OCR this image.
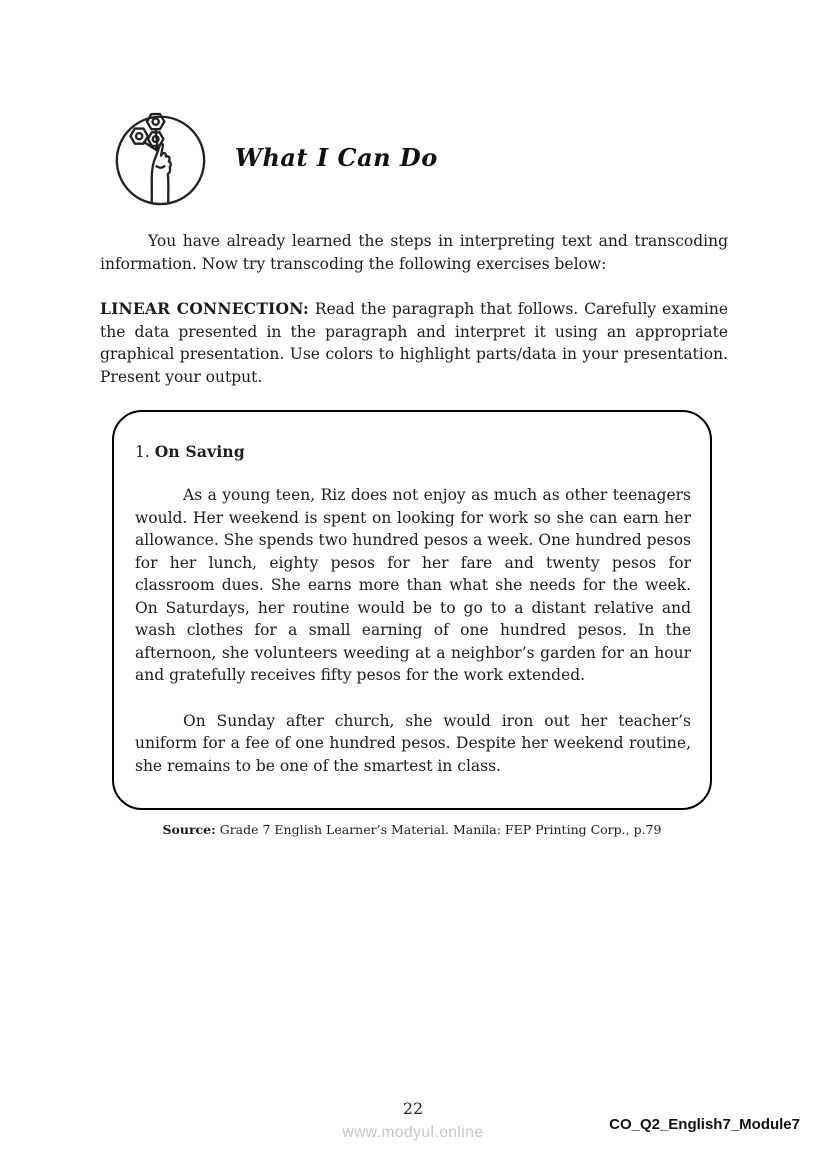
What I Can Do

You have already learned the steps in interpreting text and transcoding information. Now try transcoding the following exercises below:

LINEAR CONNECTION: Read the paragraph that follows. Carefully examine the data presented in the paragraph and interpret it using an appropriate graphical presentation. Use colors to highlight parts/data in your presentation. Present your output.

1. On Saving

As a young teen, Riz does not enjoy as much as other teenagers would. Her weekend is spent on looking for work so she can earn her allowance. She spends two hundred pesos a week. One hundred pesos for her lunch, eighty pesos for her fare and twenty pesos for classroom dues. She earns more than what she needs for the week. On Saturdays, her routine would be to go to a distant relative and wash clothes for a small earning of one hundred pesos. In the afternoon, she volunteers weeding at a neighbor’s garden for an hour and gratefully receives fifty pesos for the work extended.

On Sunday after church, she would iron out her teacher’s uniform for a fee of one hundred pesos. Despite her weekend routine, she remains to be one of the smartest in class.

Source: Grade 7 English Learner’s Material. Manila: FEP Printing Corp., p.79
22
www.modyul.online	CO_Q2_English7_Module7
